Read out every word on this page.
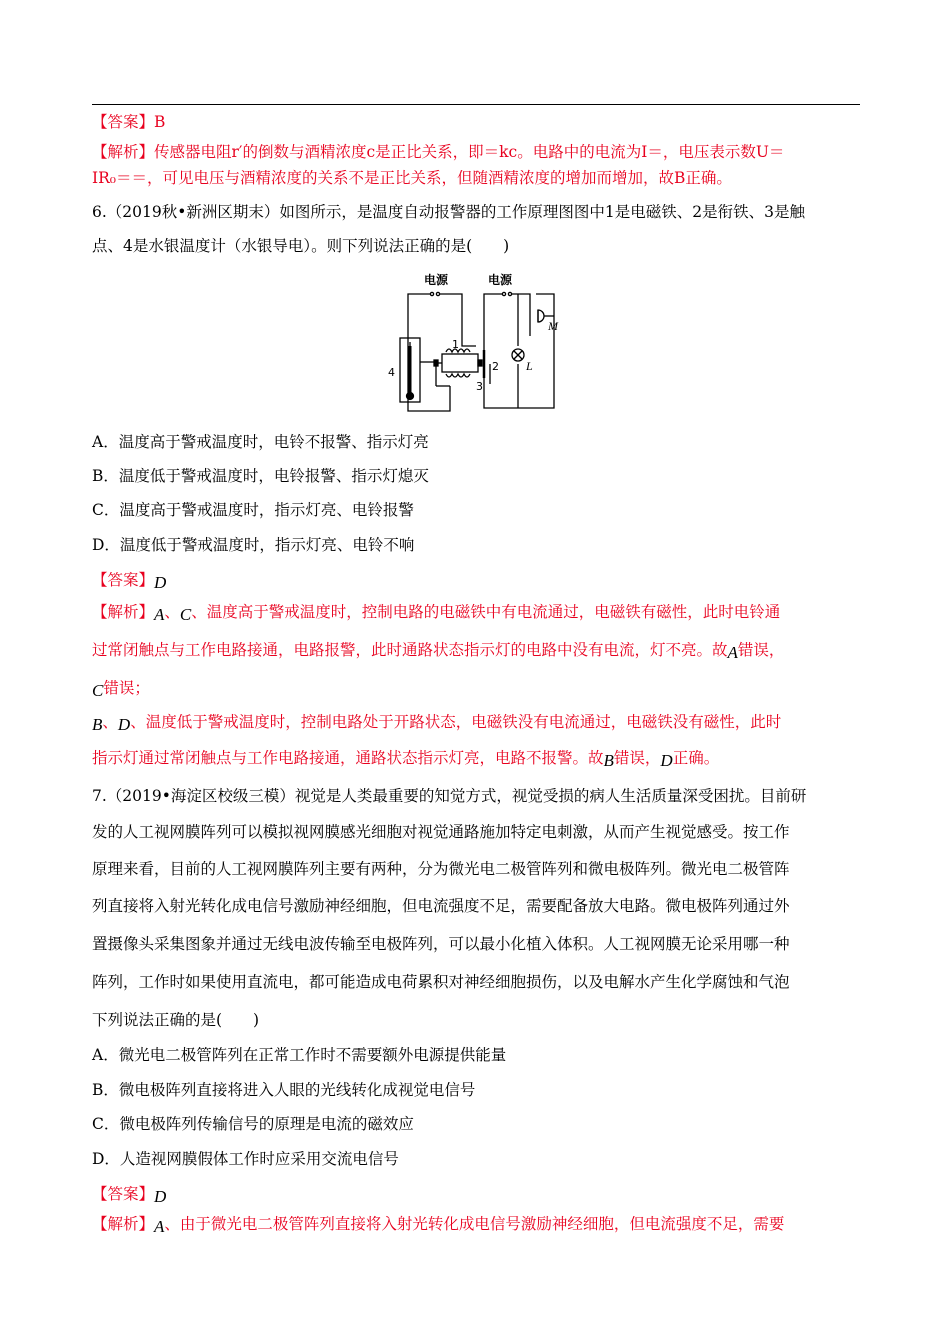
【答案】B
【解析】传感器电阻r′的倒数与酒精浓度c是正比关系，即＝kc。电路中的电流为I＝，电压表示数U＝
IR₀＝＝，可见电压与酒精浓度的关系不是正比关系，但随酒精浓度的增加而增加，故B正确。
6.（2019秋•新洲区期末）如图所示，是温度自动报警器的工作原理图图中1是电磁铁、2是衔铁、3是触
点、4是水银温度计（水银导电）。则下列说法正确的是(　　)
电源	电源
1
2
3
4
M
L
A．温度高于警戒温度时，电铃不报警、指示灯亮
B．温度低于警戒温度时，电铃报警、指示灯熄灭
C．温度高于警戒温度时，指示灯亮、电铃报警
D．温度低于警戒温度时，指示灯亮、电铃不响
【答案】D
【解析】A、C、温度高于警戒温度时，控制电路的电磁铁中有电流通过，电磁铁有磁性，此时电铃通
过常闭触点与工作电路接通，电路报警，此时通路状态指示灯的电路中没有电流，灯不亮。故A错误，
C错误；
B、D、温度低于警戒温度时，控制电路处于开路状态，电磁铁没有电流通过，电磁铁没有磁性，此时
指示灯通过常闭触点与工作电路接通，通路状态指示灯亮，电路不报警。故B错误，D正确。
7.（2019•海淀区校级三模）视觉是人类最重要的知觉方式，视觉受损的病人生活质量深受困扰。目前研
发的人工视网膜阵列可以模拟视网膜感光细胞对视觉通路施加特定电刺激，从而产生视觉感受。按工作
原理来看，目前的人工视网膜阵列主要有两种，分为微光电二极管阵列和微电极阵列。微光电二极管阵
列直接将入射光转化成电信号激励神经细胞，但电流强度不足，需要配备放大电路。微电极阵列通过外
置摄像头采集图象并通过无线电波传输至电极阵列，可以最小化植入体积。人工视网膜无论采用哪一种
阵列，工作时如果使用直流电，都可能造成电荷累积对神经细胞损伤，以及电解水产生化学腐蚀和气泡
下列说法正确的是(　　)
A．微光电二极管阵列在正常工作时不需要额外电源提供能量
B．微电极阵列直接将进入人眼的光线转化成视觉电信号
C．微电极阵列传输信号的原理是电流的磁效应
D．人造视网膜假体工作时应采用交流电信号
【答案】D
【解析】A、由于微光电二极管阵列直接将入射光转化成电信号激励神经细胞，但电流强度不足，需要
